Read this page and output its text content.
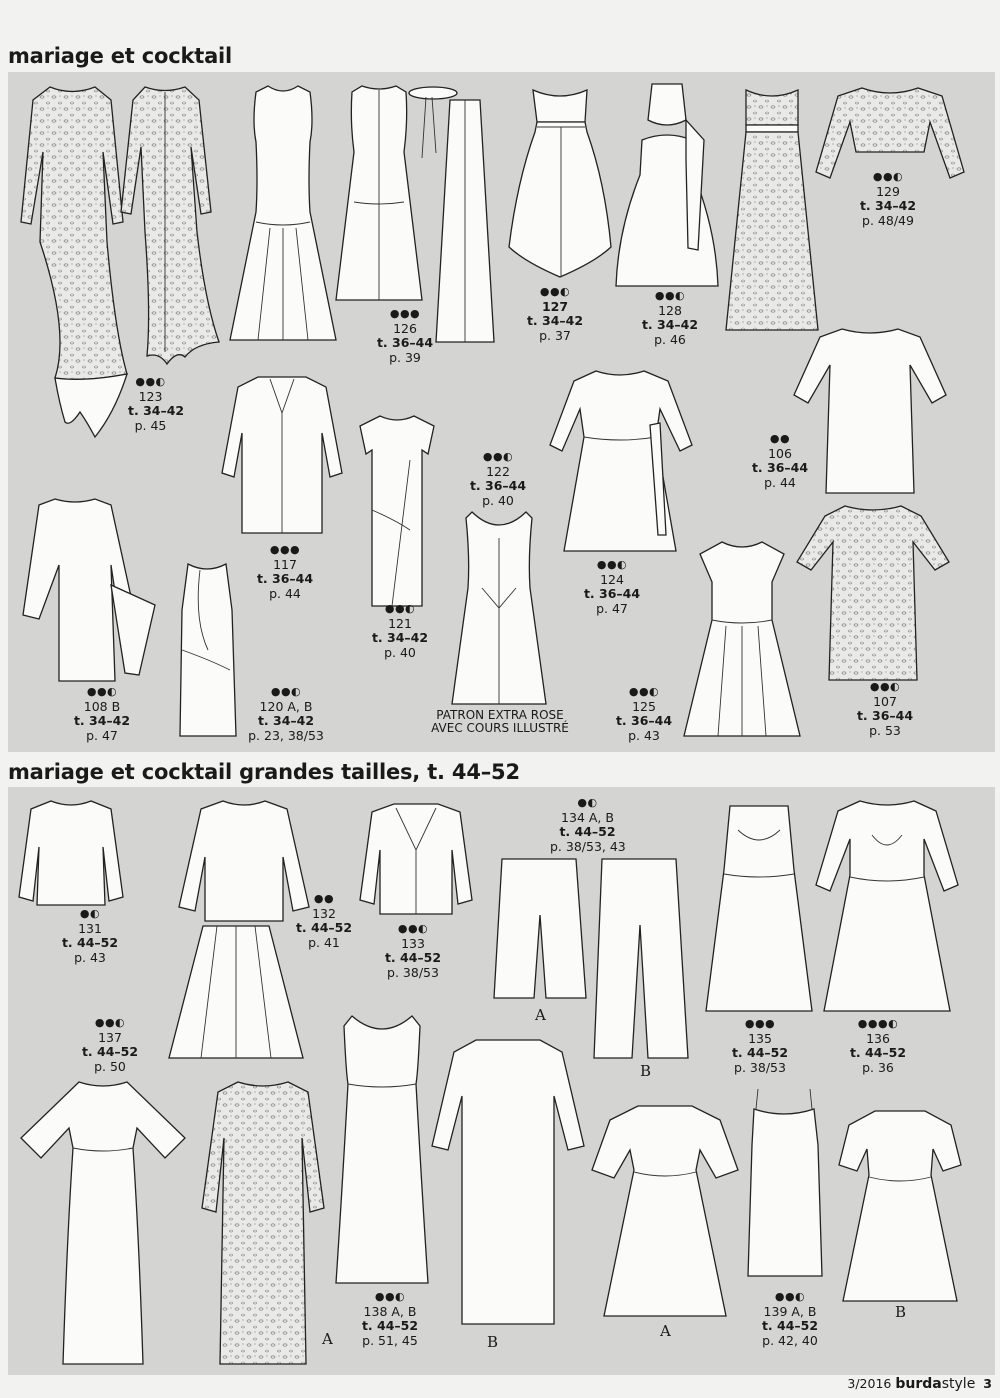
mariage et cocktail
mariage et cocktail grandes tailles, t. 44–52
●●◐
123
t. 34–42
p. 45
●●●
126
t. 36–44
p. 39
●●◐
127
t. 34–42
p. 37
●●◐
128
t. 34–42
p. 46
●●◐
129
t. 34–42
p. 48/49
●●
106
t. 36–44
p. 44
●●●
117
t. 36–44
p. 44
●●◐
121
t. 34–42
p. 40
●●◐
122
t. 36–44
p. 40
PATRON EXTRA ROSE
AVEC COURS ILLUSTRÉ
●●◐
124
t. 36–44
p. 47
●●◐
108 B
t. 34–42
p. 47
●●◐
120 A, B
t. 34–42
p. 23, 38/53
●●◐
125
t. 36–44
p. 43
●●◐
107
t. 36–44
p. 53
●◐
131
t. 44–52
p. 43
●●
132
t. 44–52
p. 41
●●◐
133
t. 44–52
p. 38/53
●◐
134 A, B
t. 44–52
p. 38/53, 43
A
B
●●●
135
t. 44–52
p. 38/53
●●●◐
136
t. 44–52
p. 36
●●◐
137
t. 44–52
p. 50
A
●●◐
138 A, B
t. 44–52
p. 51, 45	B
A
●●◐
139 A, B
t. 44–52
p. 42, 40
B
3/2016 burdastyle 3
